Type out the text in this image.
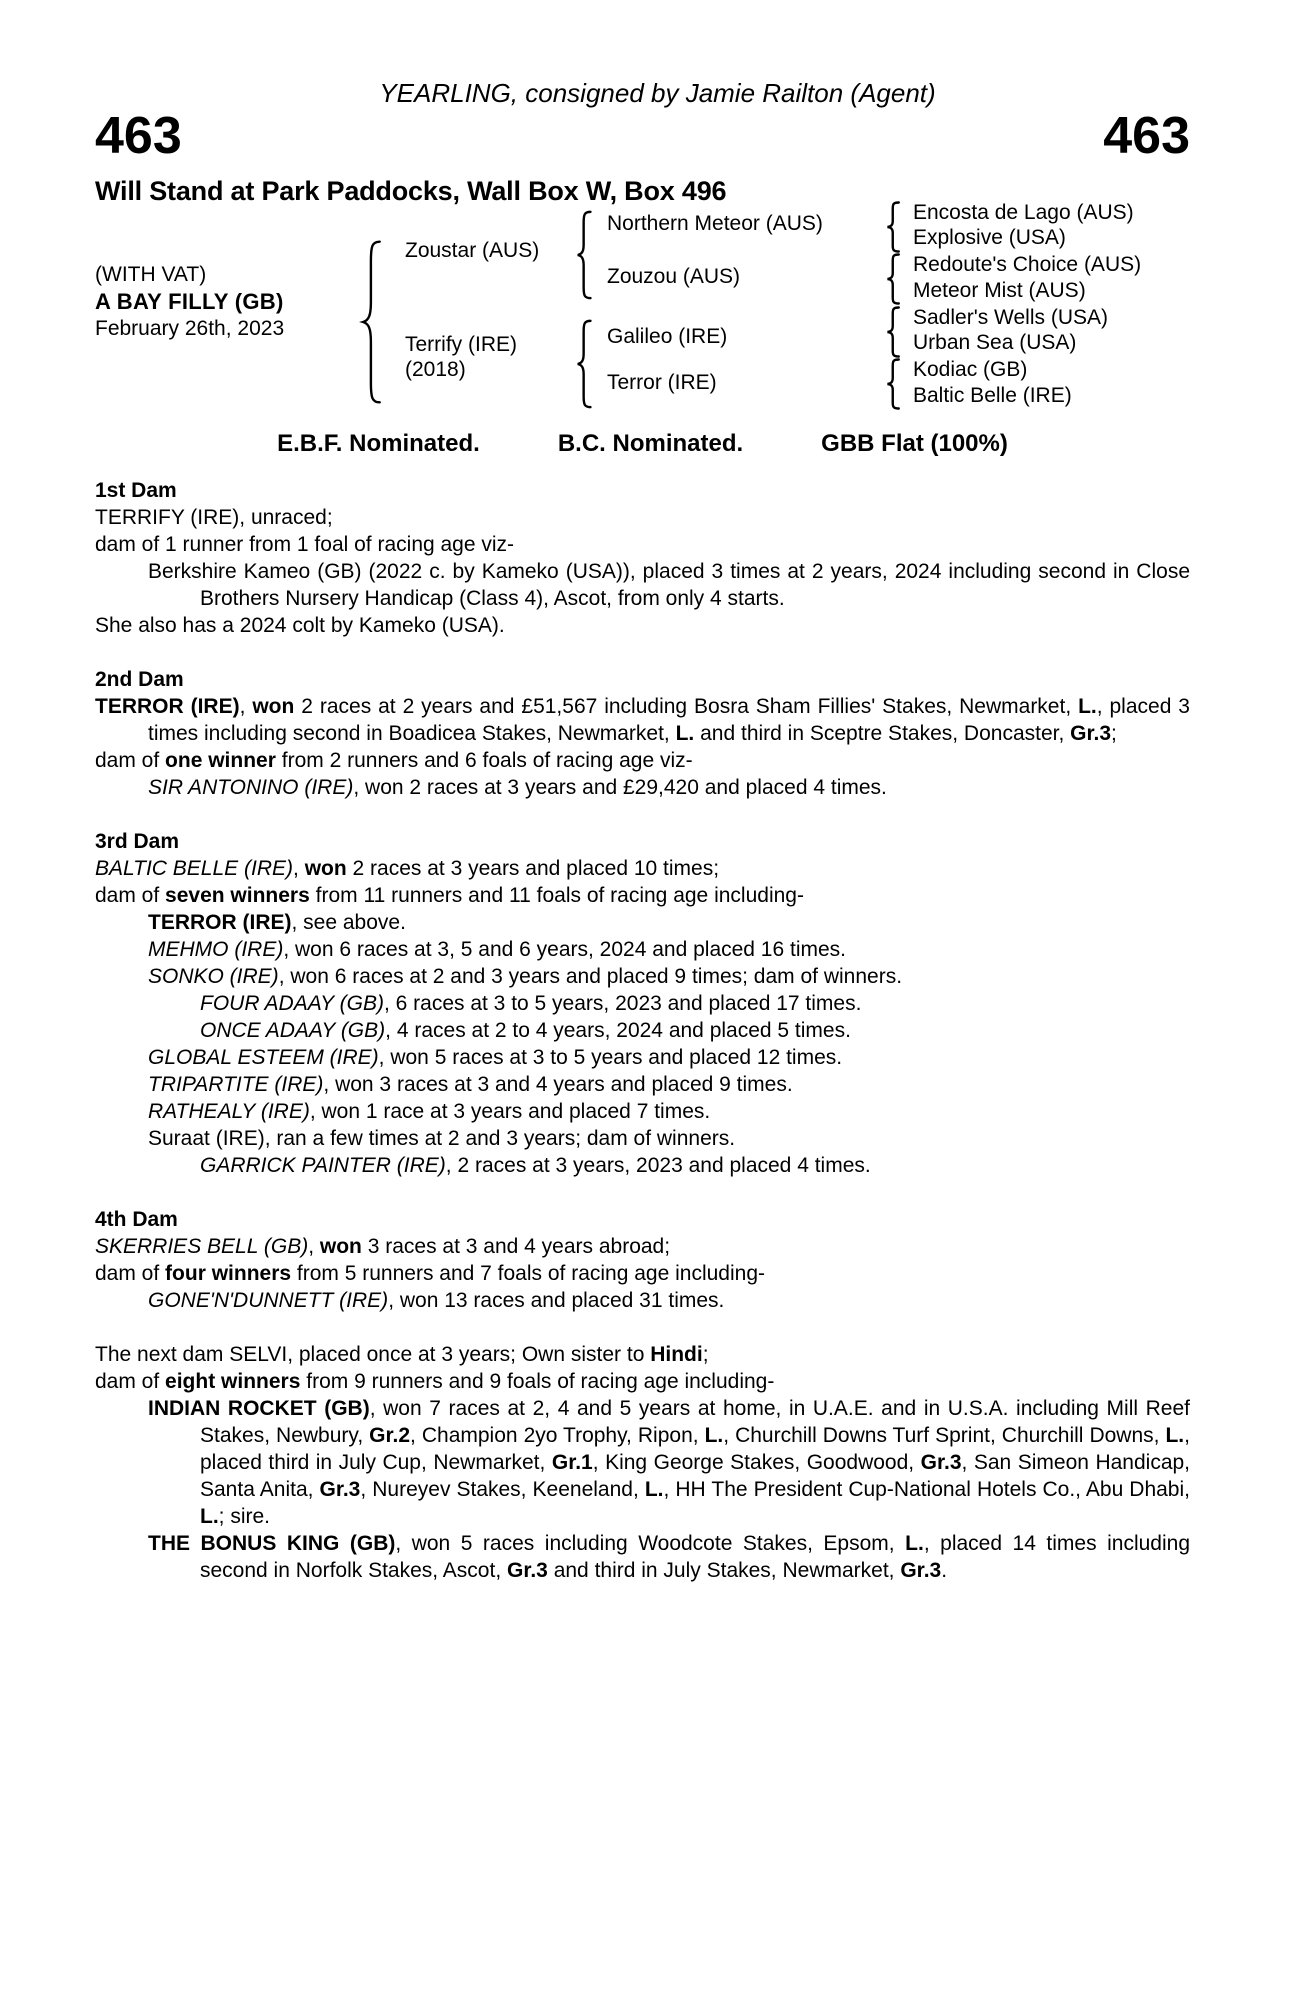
YEARLING, consigned by Jamie Railton (Agent)
463	463
Will Stand at Park Paddocks, Wall Box W, Box 496
(WITH VAT)
A BAY FILLY (GB)
February 26th, 2023
Zoustar (AUS)
Terrify (IRE)
(2018)
Northern Meteor (AUS)
Zouzou (AUS)
Galileo (IRE)
Terror (IRE)
Encosta de Lago (AUS)
Explosive (USA)
Redoute's Choice (AUS)
Meteor Mist (AUS)
Sadler's Wells (USA)
Urban Sea (USA)
Kodiac (GB)
Baltic Belle (IRE)
E.B.F. Nominated.	B.C. Nominated.	GBB Flat (100%)
1st Dam
TERRIFY (IRE), unraced;
dam of 1 runner from 1 foal of racing age viz-
Berkshire Kameo (GB) (2022 c. by Kameko (USA)), placed 3 times at 2 years, 2024 including second in Close Brothers Nursery Handicap (Class 4), Ascot, from only 4 starts.
She also has a 2024 colt by Kameko (USA).
2nd Dam
TERROR (IRE), won 2 races at 2 years and £51,567 including Bosra Sham Fillies' Stakes, Newmarket, L., placed 3 times including second in Boadicea Stakes, Newmarket, L. and third in Sceptre Stakes, Doncaster, Gr.3;
dam of one winner from 2 runners and 6 foals of racing age viz-
SIR ANTONINO (IRE), won 2 races at 3 years and £29,420 and placed 4 times.
3rd Dam
BALTIC BELLE (IRE), won 2 races at 3 years and placed 10 times;
dam of seven winners from 11 runners and 11 foals of racing age including-
TERROR (IRE), see above.
MEHMO (IRE), won 6 races at 3, 5 and 6 years, 2024 and placed 16 times.
SONKO (IRE), won 6 races at 2 and 3 years and placed 9 times; dam of winners.
FOUR ADAAY (GB), 6 races at 3 to 5 years, 2023 and placed 17 times.
ONCE ADAAY (GB), 4 races at 2 to 4 years, 2024 and placed 5 times.
GLOBAL ESTEEM (IRE), won 5 races at 3 to 5 years and placed 12 times.
TRIPARTITE (IRE), won 3 races at 3 and 4 years and placed 9 times.
RATHEALY (IRE), won 1 race at 3 years and placed 7 times.
Suraat (IRE), ran a few times at 2 and 3 years; dam of winners.
GARRICK PAINTER (IRE), 2 races at 3 years, 2023 and placed 4 times.
4th Dam
SKERRIES BELL (GB), won 3 races at 3 and 4 years abroad;
dam of four winners from 5 runners and 7 foals of racing age including-
GONE'N'DUNNETT (IRE), won 13 races and placed 31 times.
The next dam SELVI, placed once at 3 years; Own sister to Hindi;
dam of eight winners from 9 runners and 9 foals of racing age including-
INDIAN ROCKET (GB), won 7 races at 2, 4 and 5 years at home, in U.A.E. and in U.S.A. including Mill Reef Stakes, Newbury, Gr.2, Champion 2yo Trophy, Ripon, L., Churchill Downs Turf Sprint, Churchill Downs, L., placed third in July Cup, Newmarket, Gr.1, King George Stakes, Goodwood, Gr.3, San Simeon Handicap, Santa Anita, Gr.3, Nureyev Stakes, Keeneland, L., HH The President Cup-National Hotels Co., Abu Dhabi, L.; sire.
THE BONUS KING (GB), won 5 races including Woodcote Stakes, Epsom, L., placed 14 times including second in Norfolk Stakes, Ascot, Gr.3 and third in July Stakes, Newmarket, Gr.3.
